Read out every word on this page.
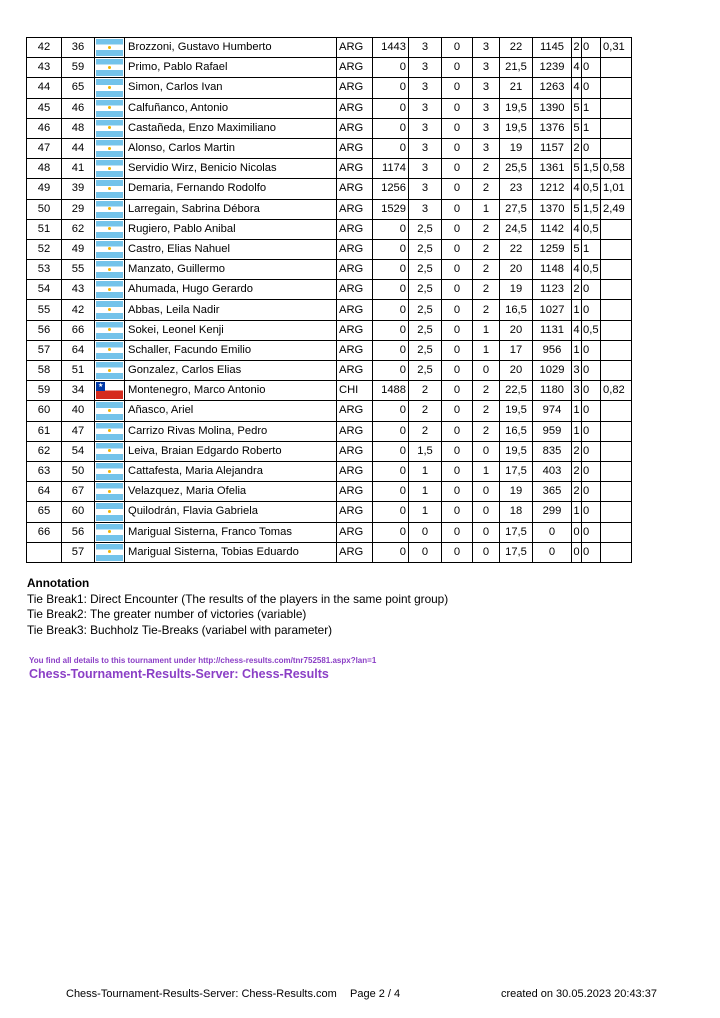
42	36		Brozzoni, Gustavo Humberto	ARG	1443	3	0	3	22	1145	2	0	0,31
43	59		Primo, Pablo Rafael	ARG	0	3	0	3	21,5	1239	4	0	
44	65		Simon, Carlos Ivan	ARG	0	3	0	3	21	1263	4	0	
45	46		Calfuñanco, Antonio	ARG	0	3	0	3	19,5	1390	5	1	
46	48		Castañeda, Enzo Maximiliano	ARG	0	3	0	3	19,5	1376	5	1	
47	44		Alonso, Carlos Martin	ARG	0	3	0	3	19	1157	2	0	
48	41		Servidio Wirz, Benicio Nicolas	ARG	1174	3	0	2	25,5	1361	5	1,5	0,58
49	39		Demaria, Fernando Rodolfo	ARG	1256	3	0	2	23	1212	4	0,5	1,01
50	29		Larregain, Sabrina Débora	ARG	1529	3	0	1	27,5	1370	5	1,5	2,49
51	62		Rugiero, Pablo Anibal	ARG	0	2,5	0	2	24,5	1142	4	0,5	
52	49		Castro, Elias Nahuel	ARG	0	2,5	0	2	22	1259	5	1	
53	55		Manzato, Guillermo	ARG	0	2,5	0	2	20	1148	4	0,5	
54	43		Ahumada, Hugo Gerardo	ARG	0	2,5	0	2	19	1123	2	0	
55	42		Abbas, Leila Nadir	ARG	0	2,5	0	2	16,5	1027	1	0	
56	66		Sokei, Leonel Kenji	ARG	0	2,5	0	1	20	1131	4	0,5	
57	64		Schaller, Facundo Emilio	ARG	0	2,5	0	1	17	956	1	0	
58	51		Gonzalez, Carlos Elias	ARG	0	2,5	0	0	20	1029	3	0	
59	34	★	Montenegro, Marco Antonio	CHI	1488	2	0	2	22,5	1180	3	0	0,82
60	40		Añasco, Ariel	ARG	0	2	0	2	19,5	974	1	0	
61	47		Carrizo Rivas Molina, Pedro	ARG	0	2	0	2	16,5	959	1	0	
62	54		Leiva, Braian Edgardo Roberto	ARG	0	1,5	0	0	19,5	835	2	0	
63	50		Cattafesta, Maria Alejandra	ARG	0	1	0	1	17,5	403	2	0	
64	67		Velazquez, Maria Ofelia	ARG	0	1	0	0	19	365	2	0	
65	60		Quilodrán, Flavia Gabriela	ARG	0	1	0	0	18	299	1	0	
66	56		Marigual Sisterna, Franco Tomas	ARG	0	0	0	0	17,5	0	0	0	
	57		Marigual Sisterna, Tobias Eduardo	ARG	0	0	0	0	17,5	0	0	0	
Annotation
Tie Break1: Direct Encounter (The results of the players in the same point group)
Tie Break2: The greater number of victories (variable)
Tie Break3: Buchholz Tie-Breaks (variabel with parameter)
You find all details to this tournament under http://chess-results.com/tnr752581.aspx?lan=1
Chess-Tournament-Results-Server: Chess-Results
Chess-Tournament-Results-Server: Chess-Results.com Page 2 / 4	created on 30.05.2023 20:43:37
